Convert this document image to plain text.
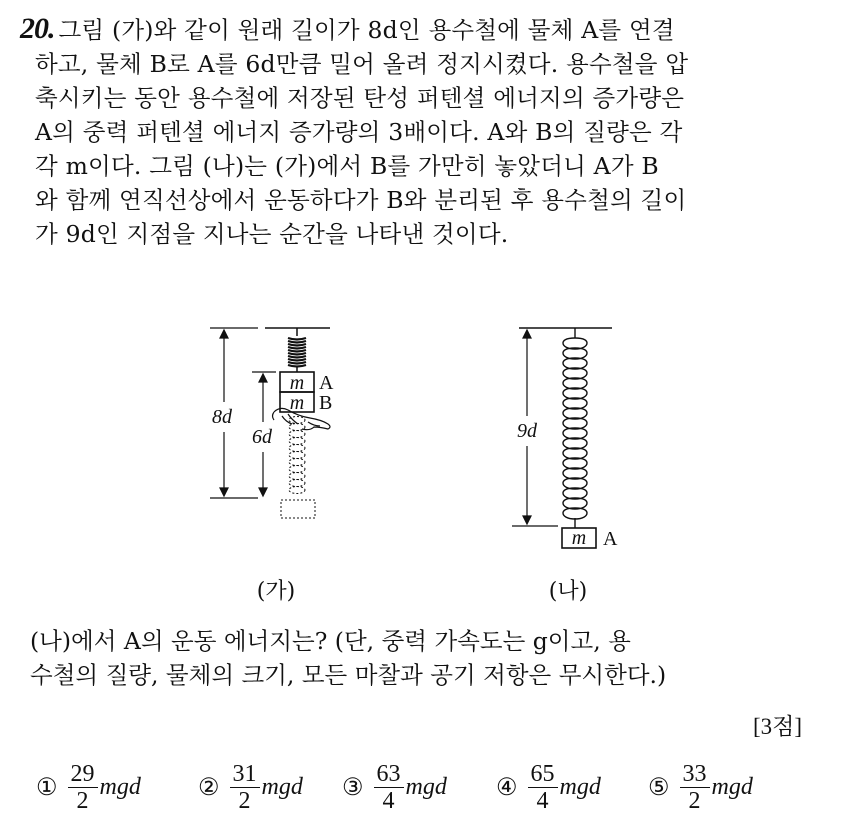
20. 그림 (가)와 같이 원래 길이가 8d인 용수철에 물체 A를 연결
하고, 물체 B로 A를 6d만큼 밀어 올려 정지시켰다. 용수철을 압
축시키는 동안 용수철에 저장된 탄성 퍼텐셜 에너지의 증가량은
A의 중력 퍼텐셜 에너지 증가량의 3배이다. A와 B의 질량은 각
각 m이다. 그림 (나)는 (가)에서 B를 가만히 놓았더니 A가 B
와 함께 연직선상에서 운동하다가 B와 분리된 후 용수철의 길이
가 9d인 지점을 지나는 순간을 나타낸 것이다.
m
m
A
B
8d
6d	9d
m A
(가)	(나)
(나)에서 A의 운동 에너지는? (단, 중력 가속도는 g이고, 용
수철의 질량, 물체의 크기, 모든 마찰과 공기 저항은 무시한다.)
[3점]
① $\frac{29}{2}$ mgd ② $\frac{31}{2}$ mgd ③ $\frac{63}{4}$ mgd ④ $\frac{65}{4}$ mgd ⑤ $\frac{33}{2}$ mgd
